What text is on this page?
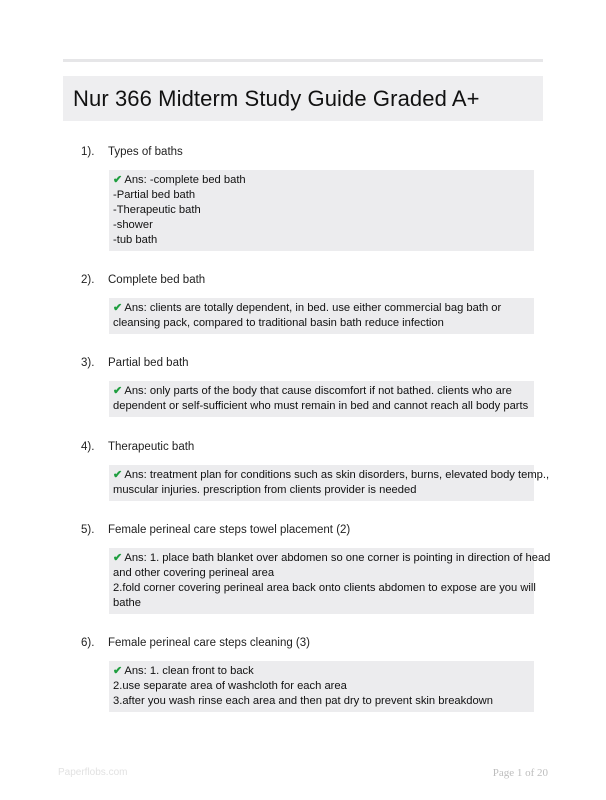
Nur 366 Midterm Study Guide Graded A+
1). Types of baths
✔ Ans: -complete bed bath
-Partial bed bath
-Therapeutic bath
-shower
-tub bath
2). Complete bed bath
✔ Ans: clients are totally dependent, in bed. use either commercial bag bath or
cleansing pack, compared to traditional basin bath reduce infection
3). Partial bed bath
✔ Ans: only parts of the body that cause discomfort if not bathed. clients who are
dependent or self-sufficient who must remain in bed and cannot reach all body parts
4). Therapeutic bath
✔ Ans: treatment plan for conditions such as skin disorders, burns, elevated body temp.,
muscular injuries. prescription from clients provider is needed
5). Female perineal care steps towel placement (2)
✔ Ans: 1. place bath blanket over abdomen so one corner is pointing in direction of head
and other covering perineal area
2.fold corner covering perineal area back onto clients abdomen to expose are you will
bathe
6). Female perineal care steps cleaning (3)
✔ Ans: 1. clean front to back
2.use separate area of washcloth for each area
3.after you wash rinse each area and then pat dry to prevent skin breakdown
Paperflobs.com	Page 1 of 20
